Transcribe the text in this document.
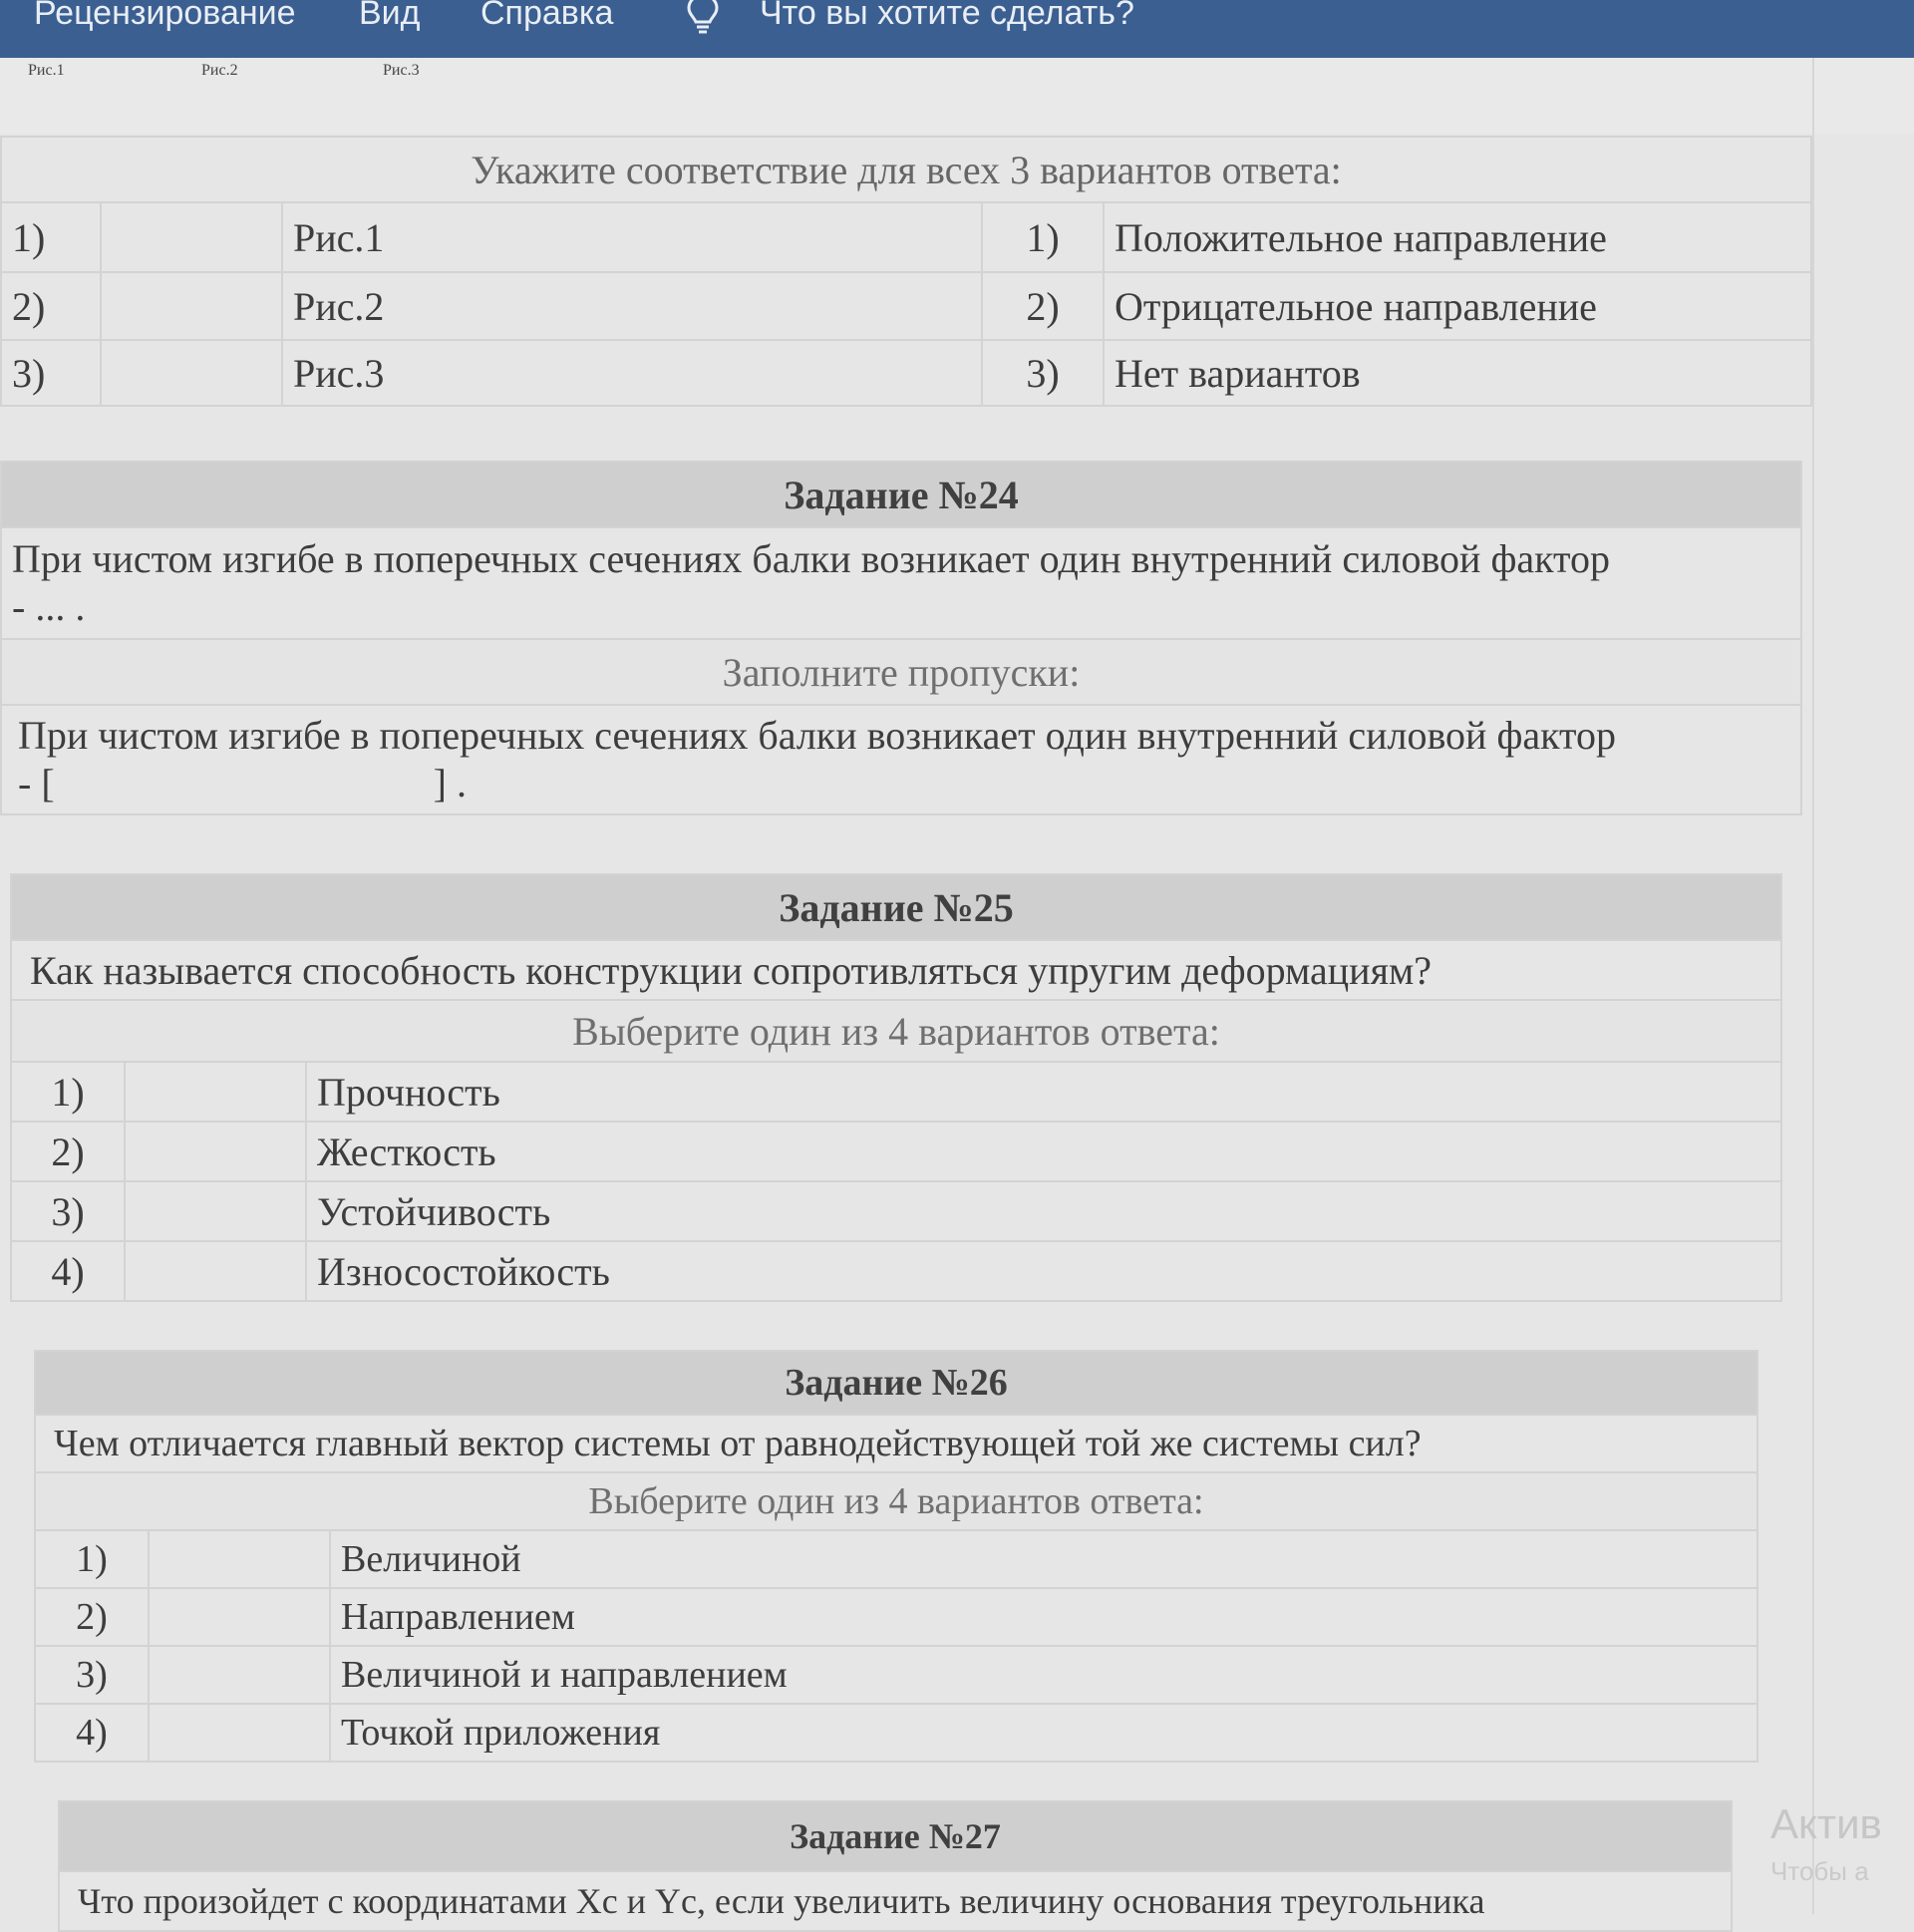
Рецензирование Вид Справка	Что вы хотите сделать?
Рис.1	Рис.2	Рис.3
Укажите соответствие для всех 3 вариантов ответа:				
1)		Рис.1	1)	Положительное направление
2)		Рис.2	2)	Отрицательное направление
3)		Рис.3	3)	Нет вариантов
Задание №24

При чистом изгибе в поперечных сечениях балки возникает один внутренний силовой фактор
- ... .

Заполните пропуски:

При чистом изгибе в поперечных сечениях балки возникает один внутренний силовой фактор
- [	] .
Задание №25		
Как называется способность конструкции сопротивляться упругим деформациям?		
Выберите один из 4 вариантов ответа:		
1)		Прочность
2)		Жесткость
3)		Устойчивость
4)		Износостойкость
Задание №26		
Чем отличается главный вектор системы от равнодействующей той же системы сил?		
Выберите один из 4 вариантов ответа:		
1)		Величиной
2)		Направлением
3)		Величиной и направлением
4)		Точкой приложения
Задание №27
Что произойдет с координатами Xc и Yc, если увеличить величину основания треугольника
Актив
Чтобы а
